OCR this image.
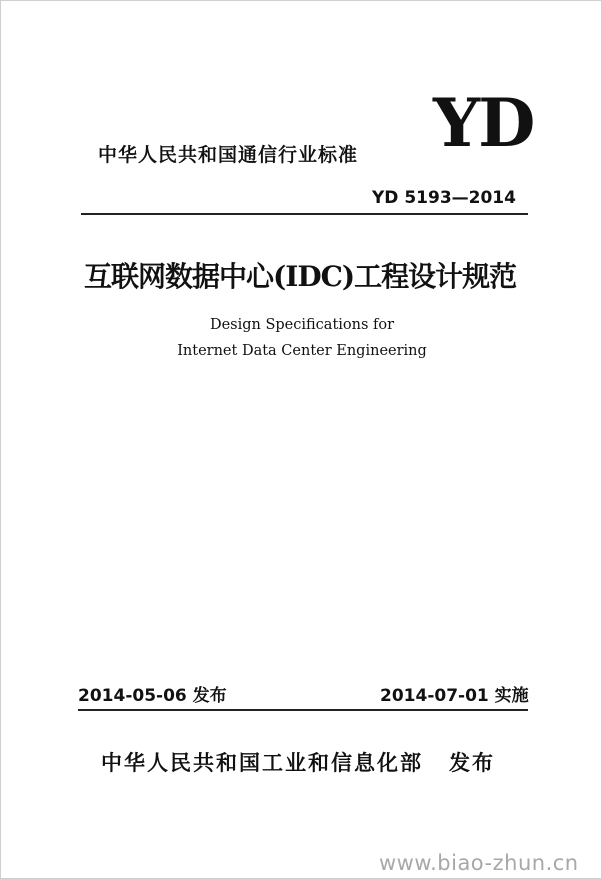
中华人民共和国通信行业标准 YD
YD 5193—2014
互联网数据中心(IDC)工程设计规范
Design Specifications for
Internet Data Center Engineering
2014-05-06 发布	2014-07-01 实施
中华人民共和国工业和信息化部 发布
www.biao-zhun.cn
